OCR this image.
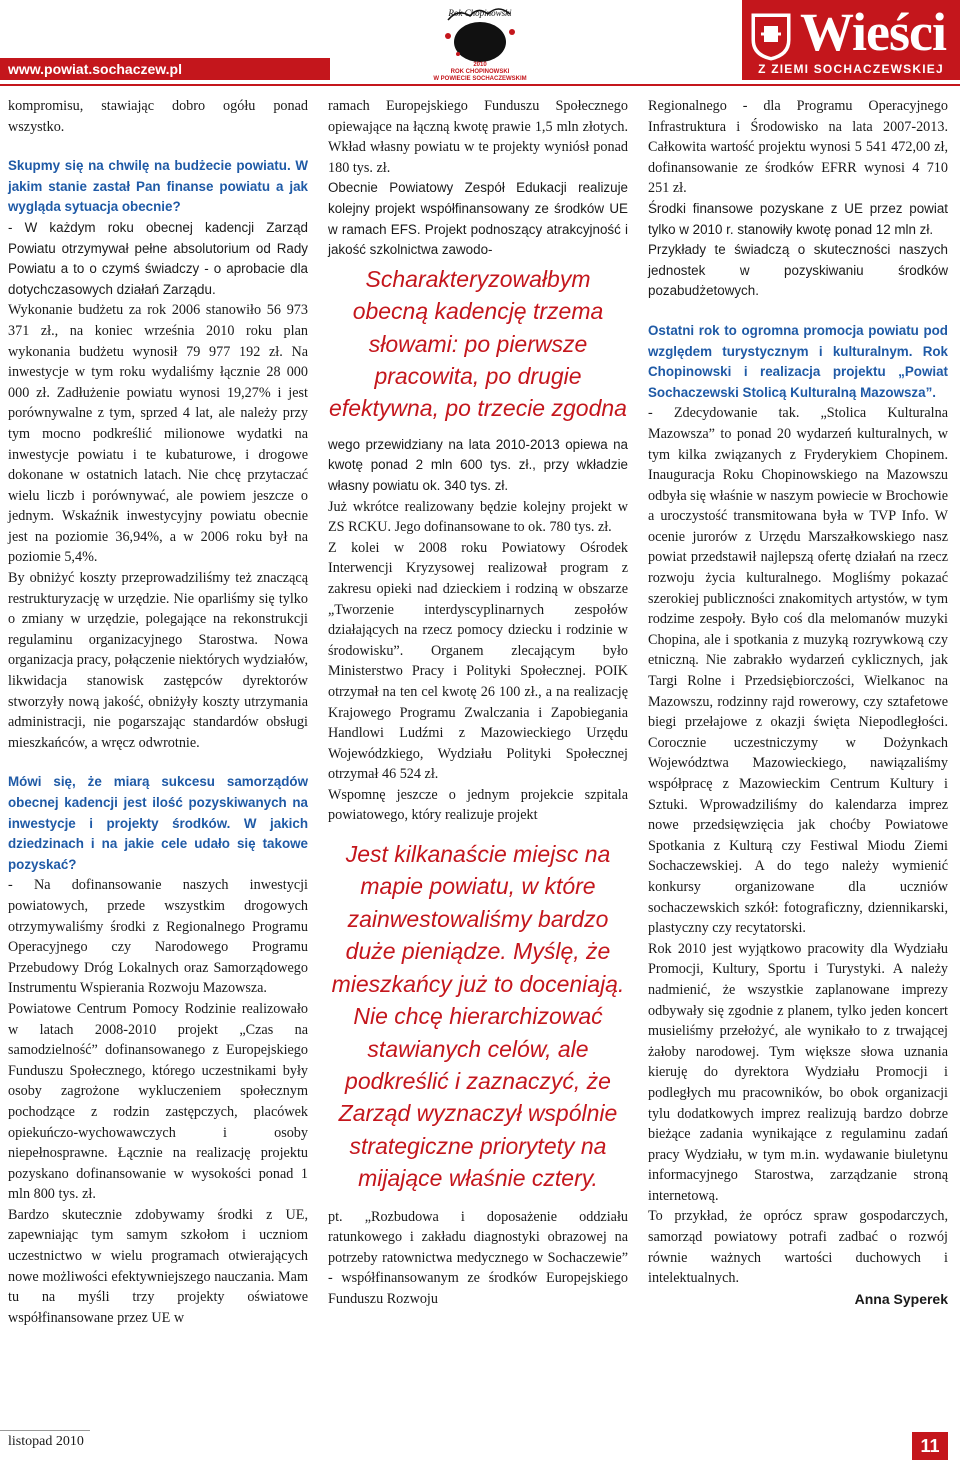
www.powiat.sochaczew.pl
Rok Chopinowski
2010
ROK CHOPINOWSKI
W POWIECIE SOCHACZEWSKIM
Wieści
Z ZIEMI SOCHACZEWSKIEJ

kompromisu, stawiając dobro ogółu ponad wszystko.

Skupmy się na chwilę na budżecie powiatu. W jakim stanie zastał Pan finanse powiatu a jak wygląda sytuacja obecnie?

- W każdym roku obecnej kadencji Zarząd Powiatu otrzymywał pełne absolutorium od Rady Powiatu a to o czymś świadczy - o aprobacie dla dotychczasowych działań Zarządu.

Wykonanie budżetu za rok 2006 stanowiło 56 973 371 zł., na koniec września 2010 roku plan wykonania budżetu wynosił 79 977 192 zł. Na inwestycje w tym roku wydaliśmy łącznie 28 000 000 zł. Zadłużenie powiatu wynosi 19,27% i jest porównywalne z tym, sprzed 4 lat, ale należy przy tym mocno podkreślić milionowe wydatki na inwestycje powiatu i te kubaturowe, i drogowe dokonane w ostatnich latach. Nie chcę przytaczać wielu liczb i porównywać, ale powiem jeszcze o jednym. Wskaźnik inwestycyjny powiatu obecnie jest na poziomie 36,94%, a w 2006 roku był na poziomie 5,4%.

By obniżyć koszty przeprowadziliśmy też znaczącą restrukturyzację w urzędzie. Nie oparliśmy się tylko o zmiany w urzędzie, polegające na rekonstrukcji regulaminu organizacyjnego Starostwa. Nowa organizacja pracy, połączenie niektórych wydziałów, likwidacja stanowisk zastępców dyrektorów stworzyły nową jakość, obniżyły koszty utrzymania administracji, nie pogarszając standardów obsługi mieszkańców, a wręcz odwrotnie.

Mówi się, że miarą sukcesu samorządów obecnej kadencji jest ilość pozyskiwanych na inwestycje i projekty środków. W jakich dziedzinach i na jakie cele udało się takowe pozyskać?

- Na dofinansowanie naszych inwestycji powiatowych, przede wszystkim drogowych otrzymywaliśmy środki z Regionalnego Programu Operacyjnego czy Narodowego Programu Przebudowy Dróg Lokalnych oraz Samorządowego Instrumentu Wspierania Rozwoju Mazowsza.

Powiatowe Centrum Pomocy Rodzinie realizowało w latach 2008-2010 projekt „Czas na samodzielność” dofinansowanego z Europejskiego Funduszu Społecznego, którego uczestnikami były osoby zagrożone wykluczeniem społecznym pochodzące z rodzin zastępczych, placówek opiekuńczo-wychowawczych i osoby niepełnosprawne. Łącznie na realizację projektu pozyskano dofinansowanie w wysokości ponad 1 mln 800 tys. zł.

Bardzo skutecznie zdobywamy środki z UE, zapewniając tym samym szkołom i uczniom uczestnictwo w wielu programach otwierających nowe możliwości efektywniejszego nauczania. Mam tu na myśli trzy projekty oświatowe współfinansowane przez UE w

ramach Europejskiego Funduszu Społecznego opiewające na łączną kwotę prawie 1,5 mln złotych. Wkład własny powiatu w te projekty wyniósł ponad 180 tys. zł.

Obecnie Powiatowy Zespół Edukacji realizuje kolejny projekt współfinansowany ze środków UE w ramach EFS. Projekt podnoszący atrakcyjność i jakość szkolnictwa zawodo-

Scharakteryzowałbym obecną kadencję trzema słowami: po pierwsze pracowita, po drugie efektywna, po trzecie zgodna

wego przewidziany na lata 2010-2013 opiewa na kwotę ponad 2 mln 600 tys. zł., przy wkładzie własny powiatu ok. 340 tys. zł.

Już wkrótce realizowany będzie kolejny projekt w ZS RCKU. Jego dofinansowane to ok. 780 tys. zł.

Z kolei w 2008 roku Powiatowy Ośrodek Interwencji Kryzysowej realizował program z zakresu opieki nad dzieckiem i rodziną w obszarze „Tworzenie interdyscyplinarnych zespołów działających na rzecz pomocy dziecku i rodzinie w środowisku”. Organem zlecającym było Ministerstwo Pracy i Polityki Społecznej. POIK otrzymał na ten cel kwotę 26 100 zł., a na realizację Krajowego Programu Zwalczania i Zapobiegania Handlowi Ludźmi z Mazowieckiego Urzędu Wojewódzkiego, Wydziału Polityki Społecznej otrzymał 46 524 zł.

Wspomnę jeszcze o jednym projekcie szpitala powiatowego, który realizuje projekt

Jest kilkanaście miejsc na mapie powiatu, w które zainwestowaliśmy bardzo duże pieniądze. Myślę, że mieszkańcy już to doceniają. Nie chcę hierarchizować stawianych celów, ale podkreślić i zaznaczyć, że Zarząd wyznaczył wspólnie strategiczne priorytety na mijające właśnie cztery.

pt. „Rozbudowa i doposażenie oddziału ratunkowego i zakładu diagnostyki obrazowej na potrzeby ratownictwa medycznego w Sochaczewie” - współfinansowanym ze środków Europejskiego Funduszu Rozwoju

Regionalnego - dla Programu Operacyjnego Infrastruktura i Środowisko na lata 2007-2013. Całkowita wartość projektu wynosi 5 541 472,00 zł, dofinansowanie ze środków EFRR wynosi 4 710 251 zł.

Środki finansowe pozyskane z UE przez powiat tylko w 2010 r. stanowiły kwotę ponad 12 mln zł.

Przykłady te świadczą o skuteczności naszych jednostek w pozyskiwaniu środków pozabudżetowych.

Ostatni rok to ogromna promocja powiatu pod względem turystycznym i kulturalnym. Rok Chopinowski i realizacja projektu „Powiat Sochaczewski Stolicą Kulturalną Mazowsza”.

- Zdecydowanie tak. „Stolica Kulturalna Mazowsza” to ponad 20 wydarzeń kulturalnych, w tym kilka związanych z Fryderykiem Chopinem. Inauguracja Roku Chopinowskiego na Mazowszu odbyła się właśnie w naszym powiecie w Brochowie a uroczystość transmitowana była w TVP Info. W ocenie jurorów z Urzędu Marszałkowskiego nasz powiat przedstawił najlepszą ofertę działań na rzecz rozwoju życia kulturalnego. Mogliśmy pokazać szerokiej publiczności znakomitych artystów, w tym rodzime zespoły. Było coś dla melomanów muzyki Chopina, ale i spotkania z muzyką rozrywkową czy etniczną. Nie zabrakło wydarzeń cyklicznych, jak Targi Rolne i Przedsiębiorczości, Wielkanoc na Mazowszu, rodzinny rajd rowerowy, czy sztafetowe biegi przełajowe z okazji święta Niepodległości. Corocznie uczestniczymy w Dożynkach Województwa Mazowieckiego, nawiązaliśmy współpracę z Mazowieckim Centrum Kultury i Sztuki. Wprowadziliśmy do kalendarza imprez nowe przedsięwzięcia jak choćby Powiatowe Spotkania z Kulturą czy Festiwal Miodu Ziemi Sochaczewskiej. A do tego należy wymienić konkursy organizowane dla uczniów sochaczewskich szkół: fotograficzny, dziennikarski, plastyczny czy recytatorski.

Rok 2010 jest wyjątkowo pracowity dla Wydziału Promocji, Kultury, Sportu i Turystyki. A należy nadmienić, że wszystkie zaplanowane imprezy odbywały się zgodnie z planem, tylko jeden koncert musieliśmy przełożyć, ale wynikało to z trwającej żałoby narodowej. Tym większe słowa uznania kieruję do dyrektora Wydziału Promocji i podległych mu pracowników, bo obok organizacji tylu dodatkowych imprez realizują bardzo dobrze bieżące zadania wynikające z regulaminu zadań pracy Wydziału, w tym m.in. wydawanie biuletynu informacyjnego Starostwa, zarządzanie stroną internetową.

To przykład, że oprócz spraw gospodarczych, samorząd powiatowy potrafi zadbać o rozwój równie ważnych wartości duchowych i intelektualnych.

Anna Syperek

listopad 2010	11
